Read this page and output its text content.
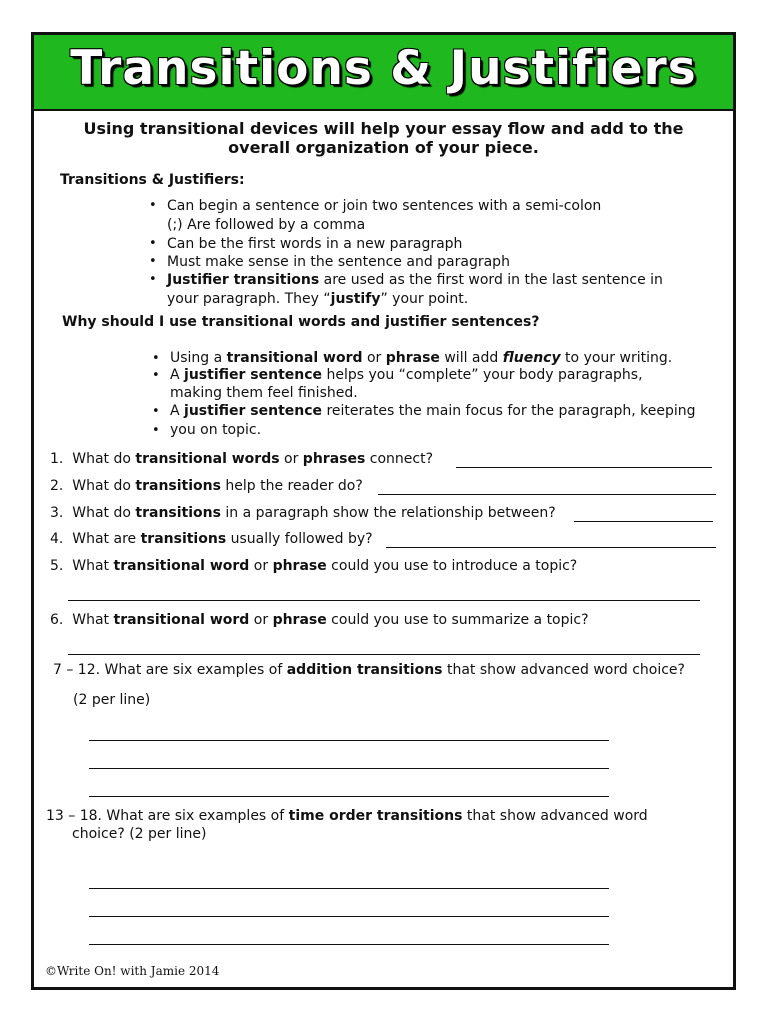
Transitions & Justifiers
Using transitional devices will help your essay flow and add to the
overall organization of your piece.
Transitions & Justifiers:
• Can begin a sentence or join two sentences with a semi-colon
(;) Are followed by a comma
• Can be the first words in a new paragraph
• Must make sense in the sentence and paragraph
• Justifier transitions are used as the first word in the last sentence in
your paragraph. They “justify” your point.
Why should I use transitional words and justifier sentences?
• Using a transitional word or phrase will add fluency to your writing.
• A justifier sentence helps you “complete” your body paragraphs,
making them feel finished.
• A justifier sentence reiterates the main focus for the paragraph, keeping
• you on topic.
1. What do transitional words or phrases connect?
2. What do transitions help the reader do?
3. What do transitions in a paragraph show the relationship between?
4. What are transitions usually followed by?
5. What transitional word or phrase could you use to introduce a topic?
6. What transitional word or phrase could you use to summarize a topic?
7 – 12. What are six examples of addition transitions that show advanced word choice?
(2 per line)
13 – 18. What are six examples of time order transitions that show advanced word
choice? (2 per line)
©Write On! with Jamie 2014
